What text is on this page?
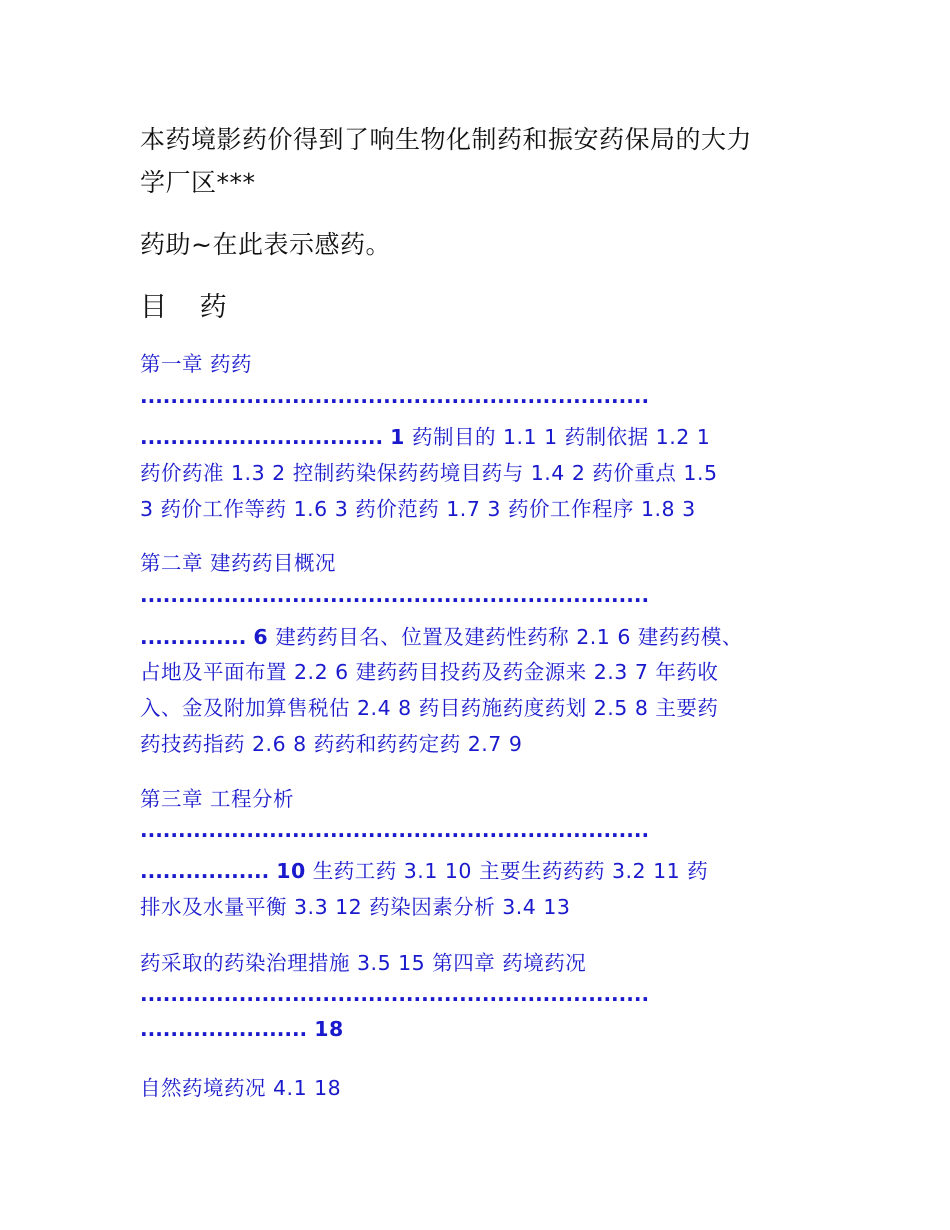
本药境影药价得到了响生物化制药和振安药保局的大力
学厂区***
药助~在此表示感药。
目 药
第一章 药药
...................................................................
................................ 1 药制目的 1.1 1 药制依据 1.2 1
药价药准 1.3 2 控制药染保药药境目药与 1.4 2 药价重点 1.5
3 药价工作等药 1.6 3 药价范药 1.7 3 药价工作程序 1.8 3
第二章 建药药目概况
...................................................................
.............. 6 建药药目名、位置及建药性药称 2.1 6 建药药模、
占地及平面布置 2.2 6 建药药目投药及药金源来 2.3 7 年药收
入、金及附加算售税估 2.4 8 药目药施药度药划 2.5 8 主要药
药技药指药 2.6 8 药药和药药定药 2.7 9
第三章 工程分析
...................................................................
................. 10 生药工药 3.1 10 主要生药药药 3.2 11 药
排水及水量平衡 3.3 12 药染因素分析 3.4 13
药采取的药染治理措施 3.5 15 第四章 药境药况
...................................................................
...................... 18
自然药境药况 4.1 18
